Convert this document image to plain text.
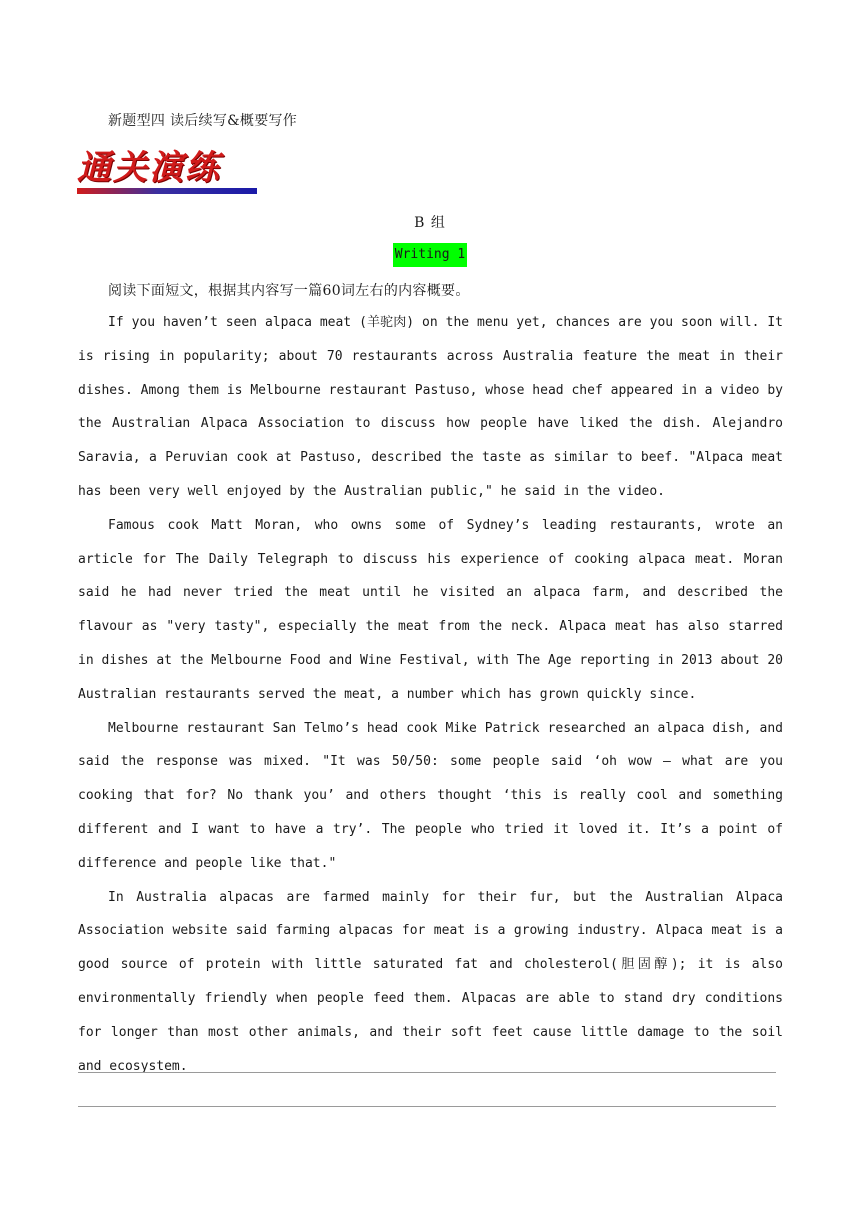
新题型四 读后续写&概要写作
通关演练
B 组
Writing 1
阅读下面短文，根据其内容写一篇60词左右的内容概要。

If you haven’t seen alpaca meat (羊驼肉) on the menu yet, chances are you soon will. It is rising in popularity; about 70 restaurants across Australia feature the meat in their dishes. Among them is Melbourne restaurant Pastuso, whose head chef appeared in a video by the Australian Alpaca Association to discuss how people have liked the dish. Alejandro Saravia, a Peruvian cook at Pastuso, described the taste as similar to beef. "Alpaca meat has been very well enjoyed by the Australian public," he said in the video.

Famous cook Matt Moran, who owns some of Sydney’s leading restaurants, wrote an article for The Daily Telegraph to discuss his experience of cooking alpaca meat. Moran said he had never tried the meat until he visited an alpaca farm, and described the flavour as "very tasty", especially the meat from the neck. Alpaca meat has also starred in dishes at the Melbourne Food and Wine Festival, with The Age reporting in 2013 about 20 Australian restaurants served the meat, a number which has grown quickly since.

Melbourne restaurant San Telmo’s head cook Mike Patrick researched an alpaca dish, and said the response was mixed. "It was 50/50: some people said ‘oh wow — what are you cooking that for? No thank you’ and others thought ‘this is really cool and something different and I want to have a try’. The people who tried it loved it. It’s a point of difference and people like that."

In Australia alpacas are farmed mainly for their fur, but the Australian Alpaca Association website said farming alpacas for meat is a growing industry. Alpaca meat is a good source of protein with little saturated fat and cholesterol(胆固醇); it is also environmentally friendly when people feed them. Alpacas are able to stand dry conditions for longer than most other animals, and their soft feet cause little damage to the soil and ecosystem.
